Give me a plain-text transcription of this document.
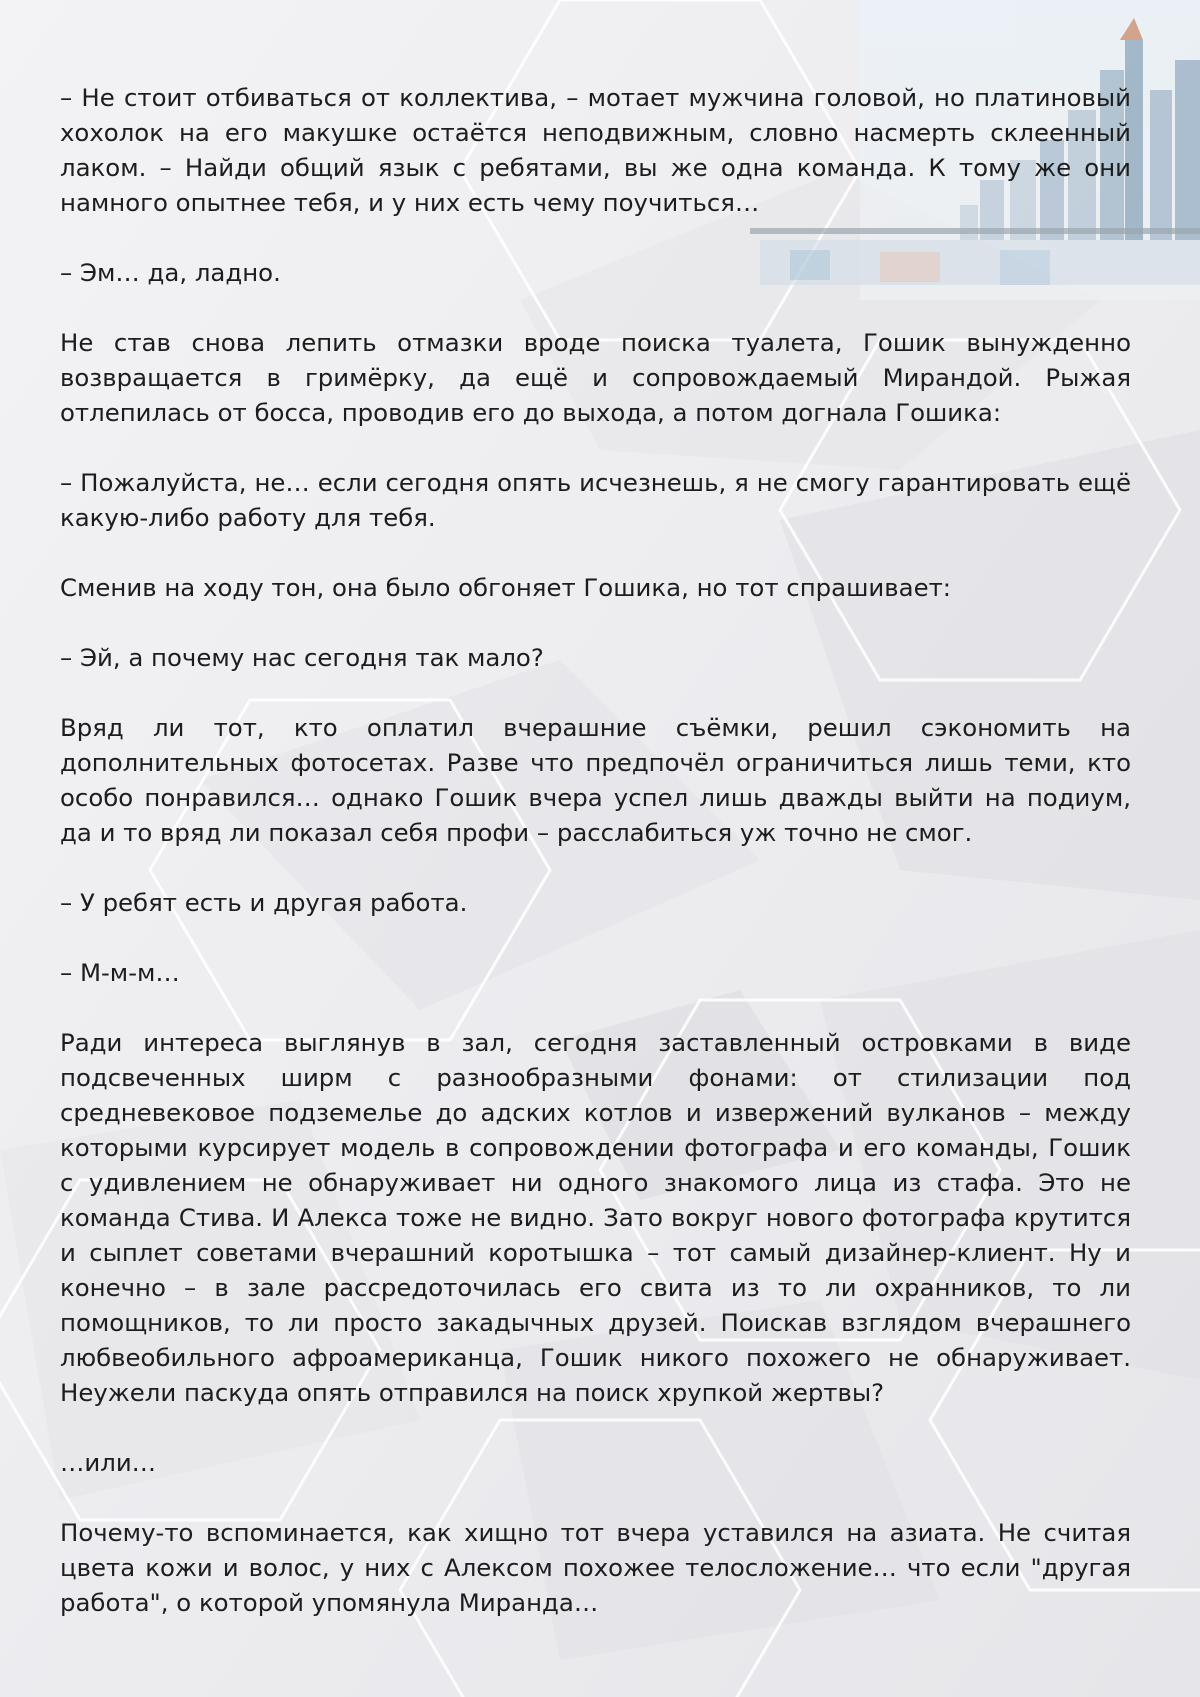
– Не стоит отбиваться от коллектива, – мотает мужчина головой, но платиновый хохолок на его макушке остаётся неподвижным, словно насмерть склеенный лаком. – Найди общий язык с ребятами, вы же одна команда. К тому же они намного опытнее тебя, и у них есть чему поучиться…

– Эм… да, ладно.

Не став снова лепить отмазки вроде поиска туалета, Гошик вынужденно возвращается в гримёрку, да ещё и сопровождаемый Мирандой. Рыжая отлепилась от босса, проводив его до выхода, а потом догнала Гошика:

– Пожалуйста, не… если сегодня опять исчезнешь, я не смогу гарантировать ещё какую-либо работу для тебя.

Сменив на ходу тон, она было обгоняет Гошика, но тот спрашивает:

– Эй, а почему нас сегодня так мало?

Вряд ли тот, кто оплатил вчерашние съёмки, решил сэкономить на дополнительных фотосетах. Разве что предпочёл ограничиться лишь теми, кто особо понравился… однако Гошик вчера успел лишь дважды выйти на подиум, да и то вряд ли показал себя профи – расслабиться уж точно не смог.

– У ребят есть и другая работа.

– М-м-м…

Ради интереса выглянув в зал, сегодня заставленный островками в виде подсвеченных ширм с разнообразными фонами: от стилизации под средневековое подземелье до адских котлов и извержений вулканов – между которыми курсирует модель в сопровождении фотографа и его команды, Гошик с удивлением не обнаруживает ни одного знакомого лица из стафа. Это не команда Стива. И Алекса тоже не видно. Зато вокруг нового фотографа крутится и сыплет советами вчерашний коротышка – тот самый дизайнер-клиент. Ну и конечно – в зале рассредоточилась его свита из то ли охранников, то ли помощников, то ли просто закадычных друзей. Поискав взглядом вчерашнего любвеобильного афроамериканца, Гошик никого похожего не обнаруживает. Неужели паскуда опять отправился на поиск хрупкой жертвы?

…или…

Почему-то вспоминается, как хищно тот вчера уставился на азиата. Не считая цвета кожи и волос, у них с Алексом похожее телосложение… что если "другая работа", о которой упомянула Миранда…
